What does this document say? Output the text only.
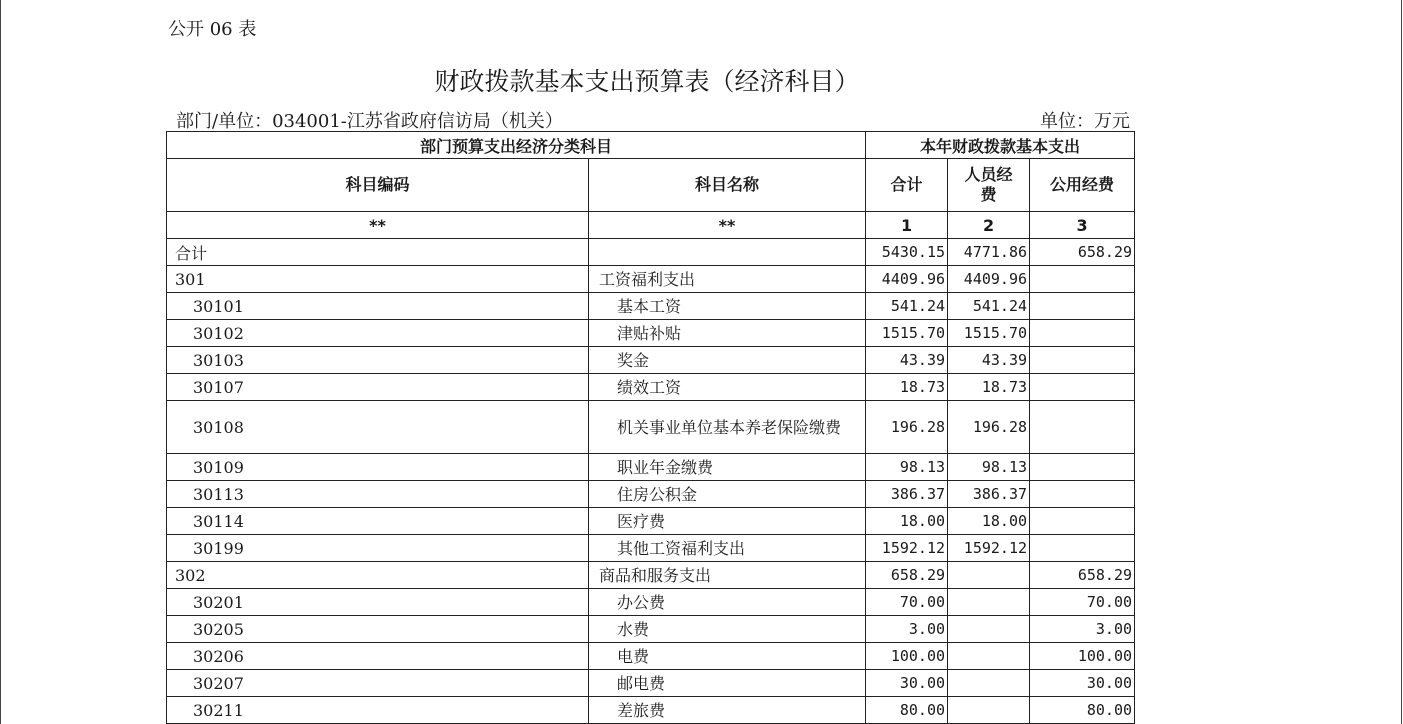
公开 06 表
财政拨款基本支出预算表（经济科目）
部门/单位：034001-江苏省政府信访局（机关）	单位：万元
部门预算支出经济分类科目		本年财政拨款基本支出		
科目编码	科目名称	合计	人员经费	公用经费
**	**	1	2	3
合计		5430.15	4771.86	658.29
301	工资福利支出	4409.96	4409.96	
30101	基本工资	541.24	541.24	
30102	津贴补贴	1515.70	1515.70	
30103	奖金	43.39	43.39	
30107	绩效工资	18.73	18.73	
30108	机关事业单位基本养老保险缴费	196.28	196.28	
30109	职业年金缴费	98.13	98.13	
30113	住房公积金	386.37	386.37	
30114	医疗费	18.00	18.00	
30199	其他工资福利支出	1592.12	1592.12	
302	商品和服务支出	658.29		658.29
30201	办公费	70.00		70.00
30205	水费	3.00		3.00
30206	电费	100.00		100.00
30207	邮电费	30.00		30.00
30211	差旅费	80.00		80.00
